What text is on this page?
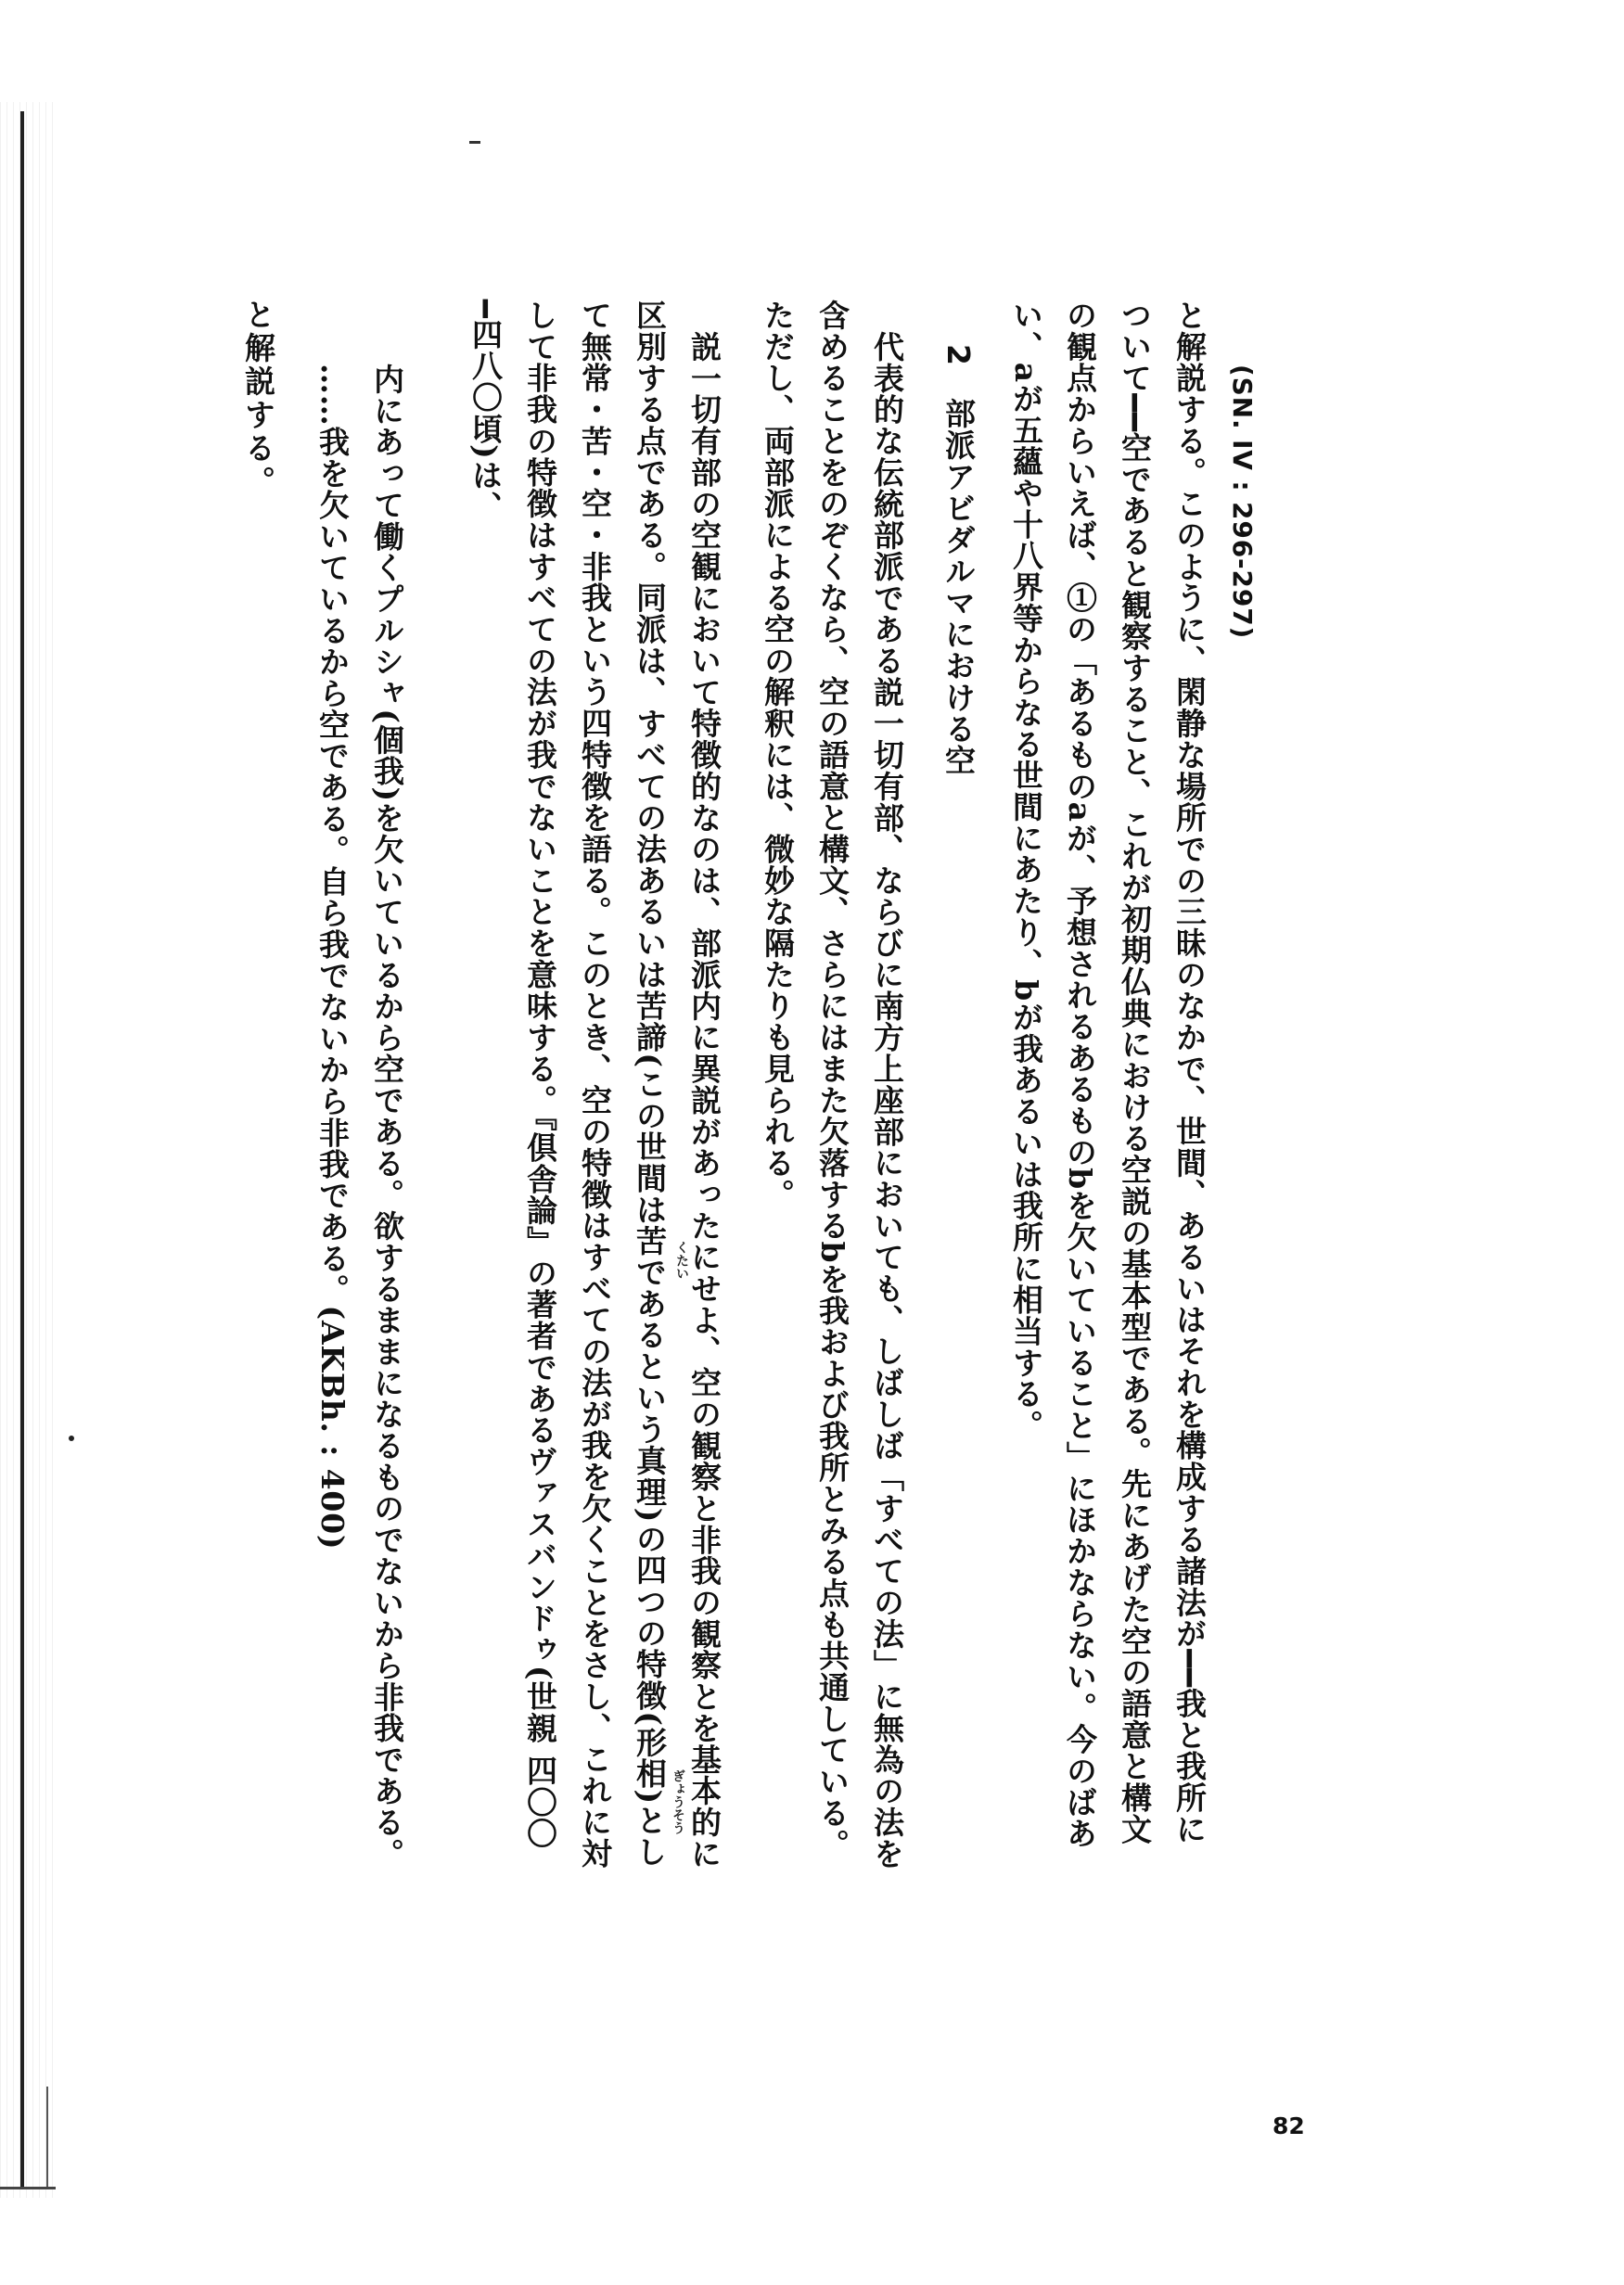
(SN. IV : 296-297)
と解説する。このように、閑静な場所での三昧のなかで、世間、あるいはそれを構成する諸法が━━我と我所に
ついて━━空であると観察すること、これが初期仏典における空説の基本型である。先にあげた空の語意と構文
の観点からいえば、①の「あるものaが、予想されるあるものbを欠いていること」にほかならない。今のばあ
い、aが五蘊や十八界等からなる世間にあたり、bが我あるいは我所に相当する。
2　部派アビダルマにおける空
代表的な伝統部派である説一切有部、ならびに南方上座部においても、しばしば「すべての法」に無為の法を
含めることをのぞくなら、空の語意と構文、さらにはまた欠落するbを我および我所とみる点も共通している。
ただし、両部派による空の解釈には、微妙な隔たりも見られる。
説一切有部の空観において特徴的なのは、部派内に異説があったにせよ、空の観察と非我の観察とを基本的に
区別する点である。同派は、すべての法あるいは苦諦(この世間は苦であるという真理)の四つの特徴(形相)とし
て無常・苦・空・非我という四特徴を語る。このとき、空の特徴はすべての法が我を欠くことをさし、これに対
して非我の特徴はすべての法が我でないことを意味する。『倶舎論』の著者であるヴァスバンドゥ(世親 四〇〇
━四八〇頃)は、
内にあって働くプルシャ(個我)を欠いているから空である。欲するままになるものでないから非我である。
……我を欠いているから空である。自ら我でないから非我である。(AKBh. : 400)
と解説する。
くたい
ぎょうそう
82
